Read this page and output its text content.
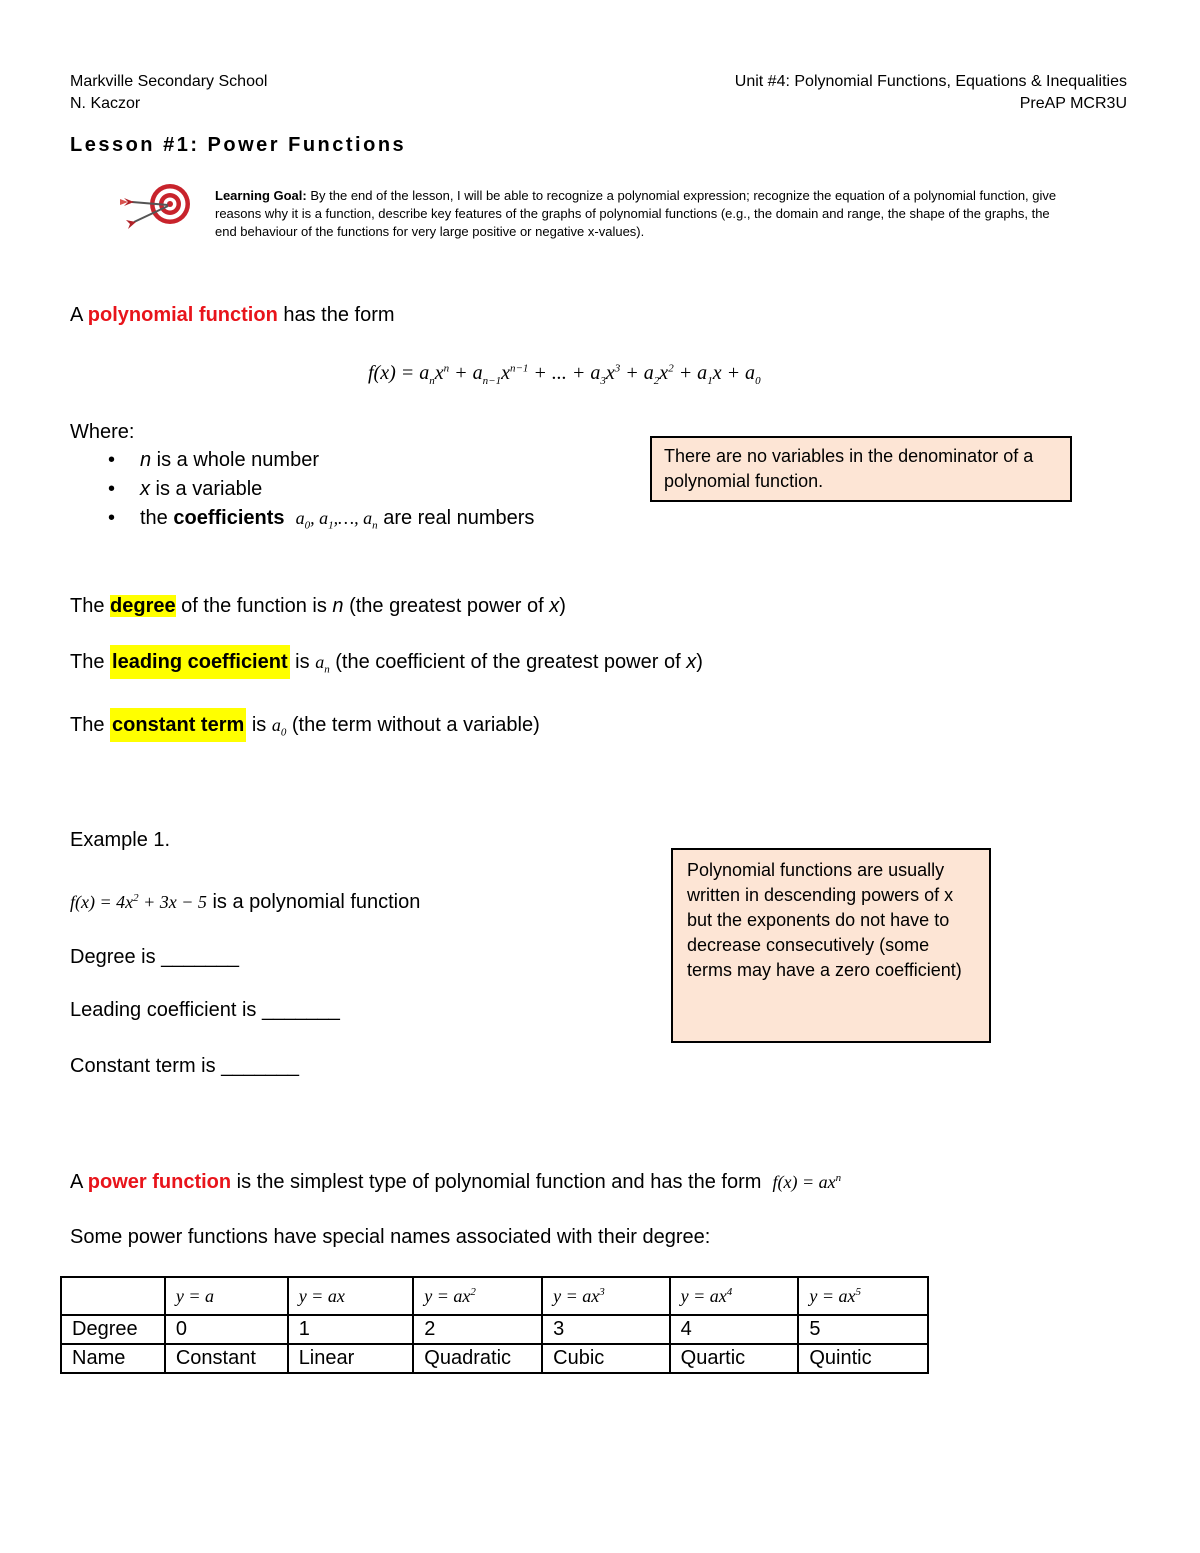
Markville Secondary School
N. Kaczor
Unit #4: Polynomial Functions, Equations & Inequalities
PreAP MCR3U
Lesson #1: Power Functions
Learning Goal: By the end of the lesson, I will be able to recognize a polynomial expression; recognize the equation of a polynomial function, give reasons why it is a function, describe key features of the graphs of polynomial functions (e.g., the domain and range, the shape of the graphs, the end behaviour of the functions for very large positive or negative x-values).
A polynomial function has the form
$f(x) = a_nx^n + a_{n-1}x^{n-1}$ + ... + $a_3x^3 + a_2x^2 + a_1x + a_0$
Where:
• n is a whole number
• x is a variable
• the coefficients $a_0$, $a_1,\dots$, $a_n$ are real numbers
There are no variables in the denominator of a polynomial function.
The degree of the function is n (the greatest power of x)
The leading coefficient is $a_n$ (the coefficient of the greatest power of x)
The constant term is $a_0$ (the term without a variable)
Example 1.
$f(x) = 4x^2 + 3x - 5$ is a polynomial function
Degree is _______
Leading coefficient is _______
Constant term is _______
Polynomial functions are usually written in descending powers of x but the exponents do not have to decrease consecutively (some terms may have a zero coefficient)
A power function is the simplest type of polynomial function and has the form $f(x) = ax^n$
Some power functions have special names associated with their degree:
	y = a	y = ax	$y = ax^2$	$y = ax^3$	$y = ax^4$	$y = ax^5$
Degree	0	1	2	3	4	5
Name	Constant	Linear	Quadratic	Cubic	Quartic	Quintic
